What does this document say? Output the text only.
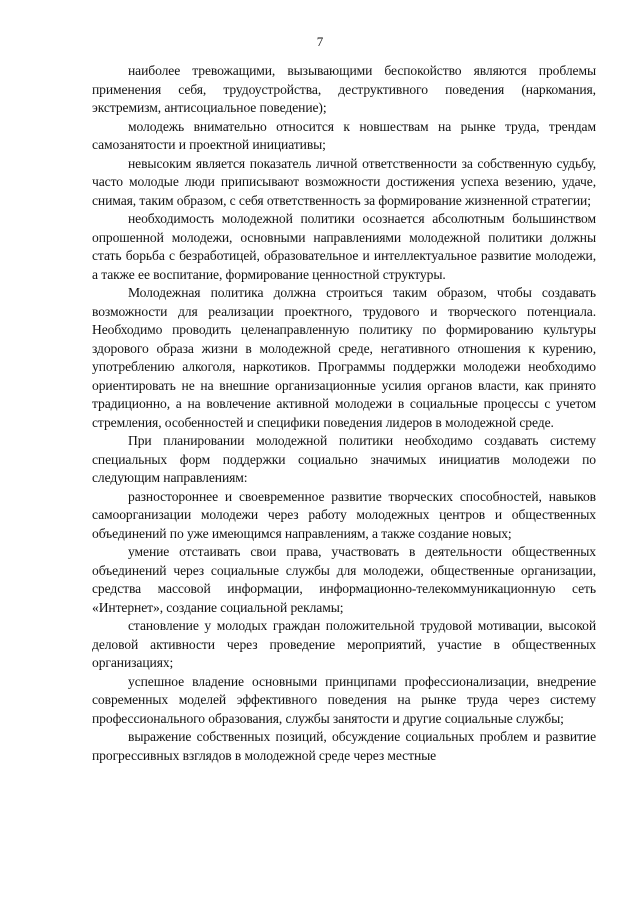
7

наиболее тревожащими, вызывающими беспокойство являются проблемы применения себя, трудоустройства, деструктивного поведения (наркомания, экстремизм, антисоциальное поведение);

молодежь внимательно относится к новшествам на рынке труда, трендам самозанятости и проектной инициативы;

невысоким является показатель личной ответственности за собственную судьбу, часто молодые люди приписывают возможности достижения успеха везению, удаче, снимая, таким образом, с себя ответственность за формирование жизненной стратегии;

необходимость молодежной политики осознается абсолютным большинством опрошенной молодежи, основными направлениями молодежной политики должны стать борьба с безработицей, образовательное и интеллектуальное развитие молодежи, а также ее воспитание, формирование ценностной структуры.

Молодежная политика должна строиться таким образом, чтобы создавать возможности для реализации проектного, трудового и творческого потенциала. Необходимо проводить целенаправленную политику по формированию культуры здорового образа жизни в молодежной среде, негативного отношения к курению, употреблению алкоголя, наркотиков. Программы поддержки молодежи необходимо ориентировать не на внешние организационные усилия органов власти, как принято традиционно, а на вовлечение активной молодежи в социальные процессы с учетом стремления, особенностей и специфики поведения лидеров в молодежной среде.

При планировании молодежной политики необходимо создавать систему специальных форм поддержки социально значимых инициатив молодежи по следующим направлениям:

разностороннее и своевременное развитие творческих способностей, навыков самоорганизации молодежи через работу молодежных центров и общественных объединений по уже имеющимся направлениям, а также создание новых;

умение отстаивать свои права, участвовать в деятельности общественных объединений через социальные службы для молодежи, общественные организации, средства массовой информации, информационно-телекоммуникационную сеть «Интернет», создание социальной рекламы;

становление у молодых граждан положительной трудовой мотивации, высокой деловой активности через проведение мероприятий, участие в общественных организациях;

успешное владение основными принципами профессионализации, внедрение современных моделей эффективного поведения на рынке труда через систему профессионального образования, службы занятости и другие социальные службы;

выражение собственных позиций, обсуждение социальных проблем и развитие прогрессивных взглядов в молодежной среде через местные
